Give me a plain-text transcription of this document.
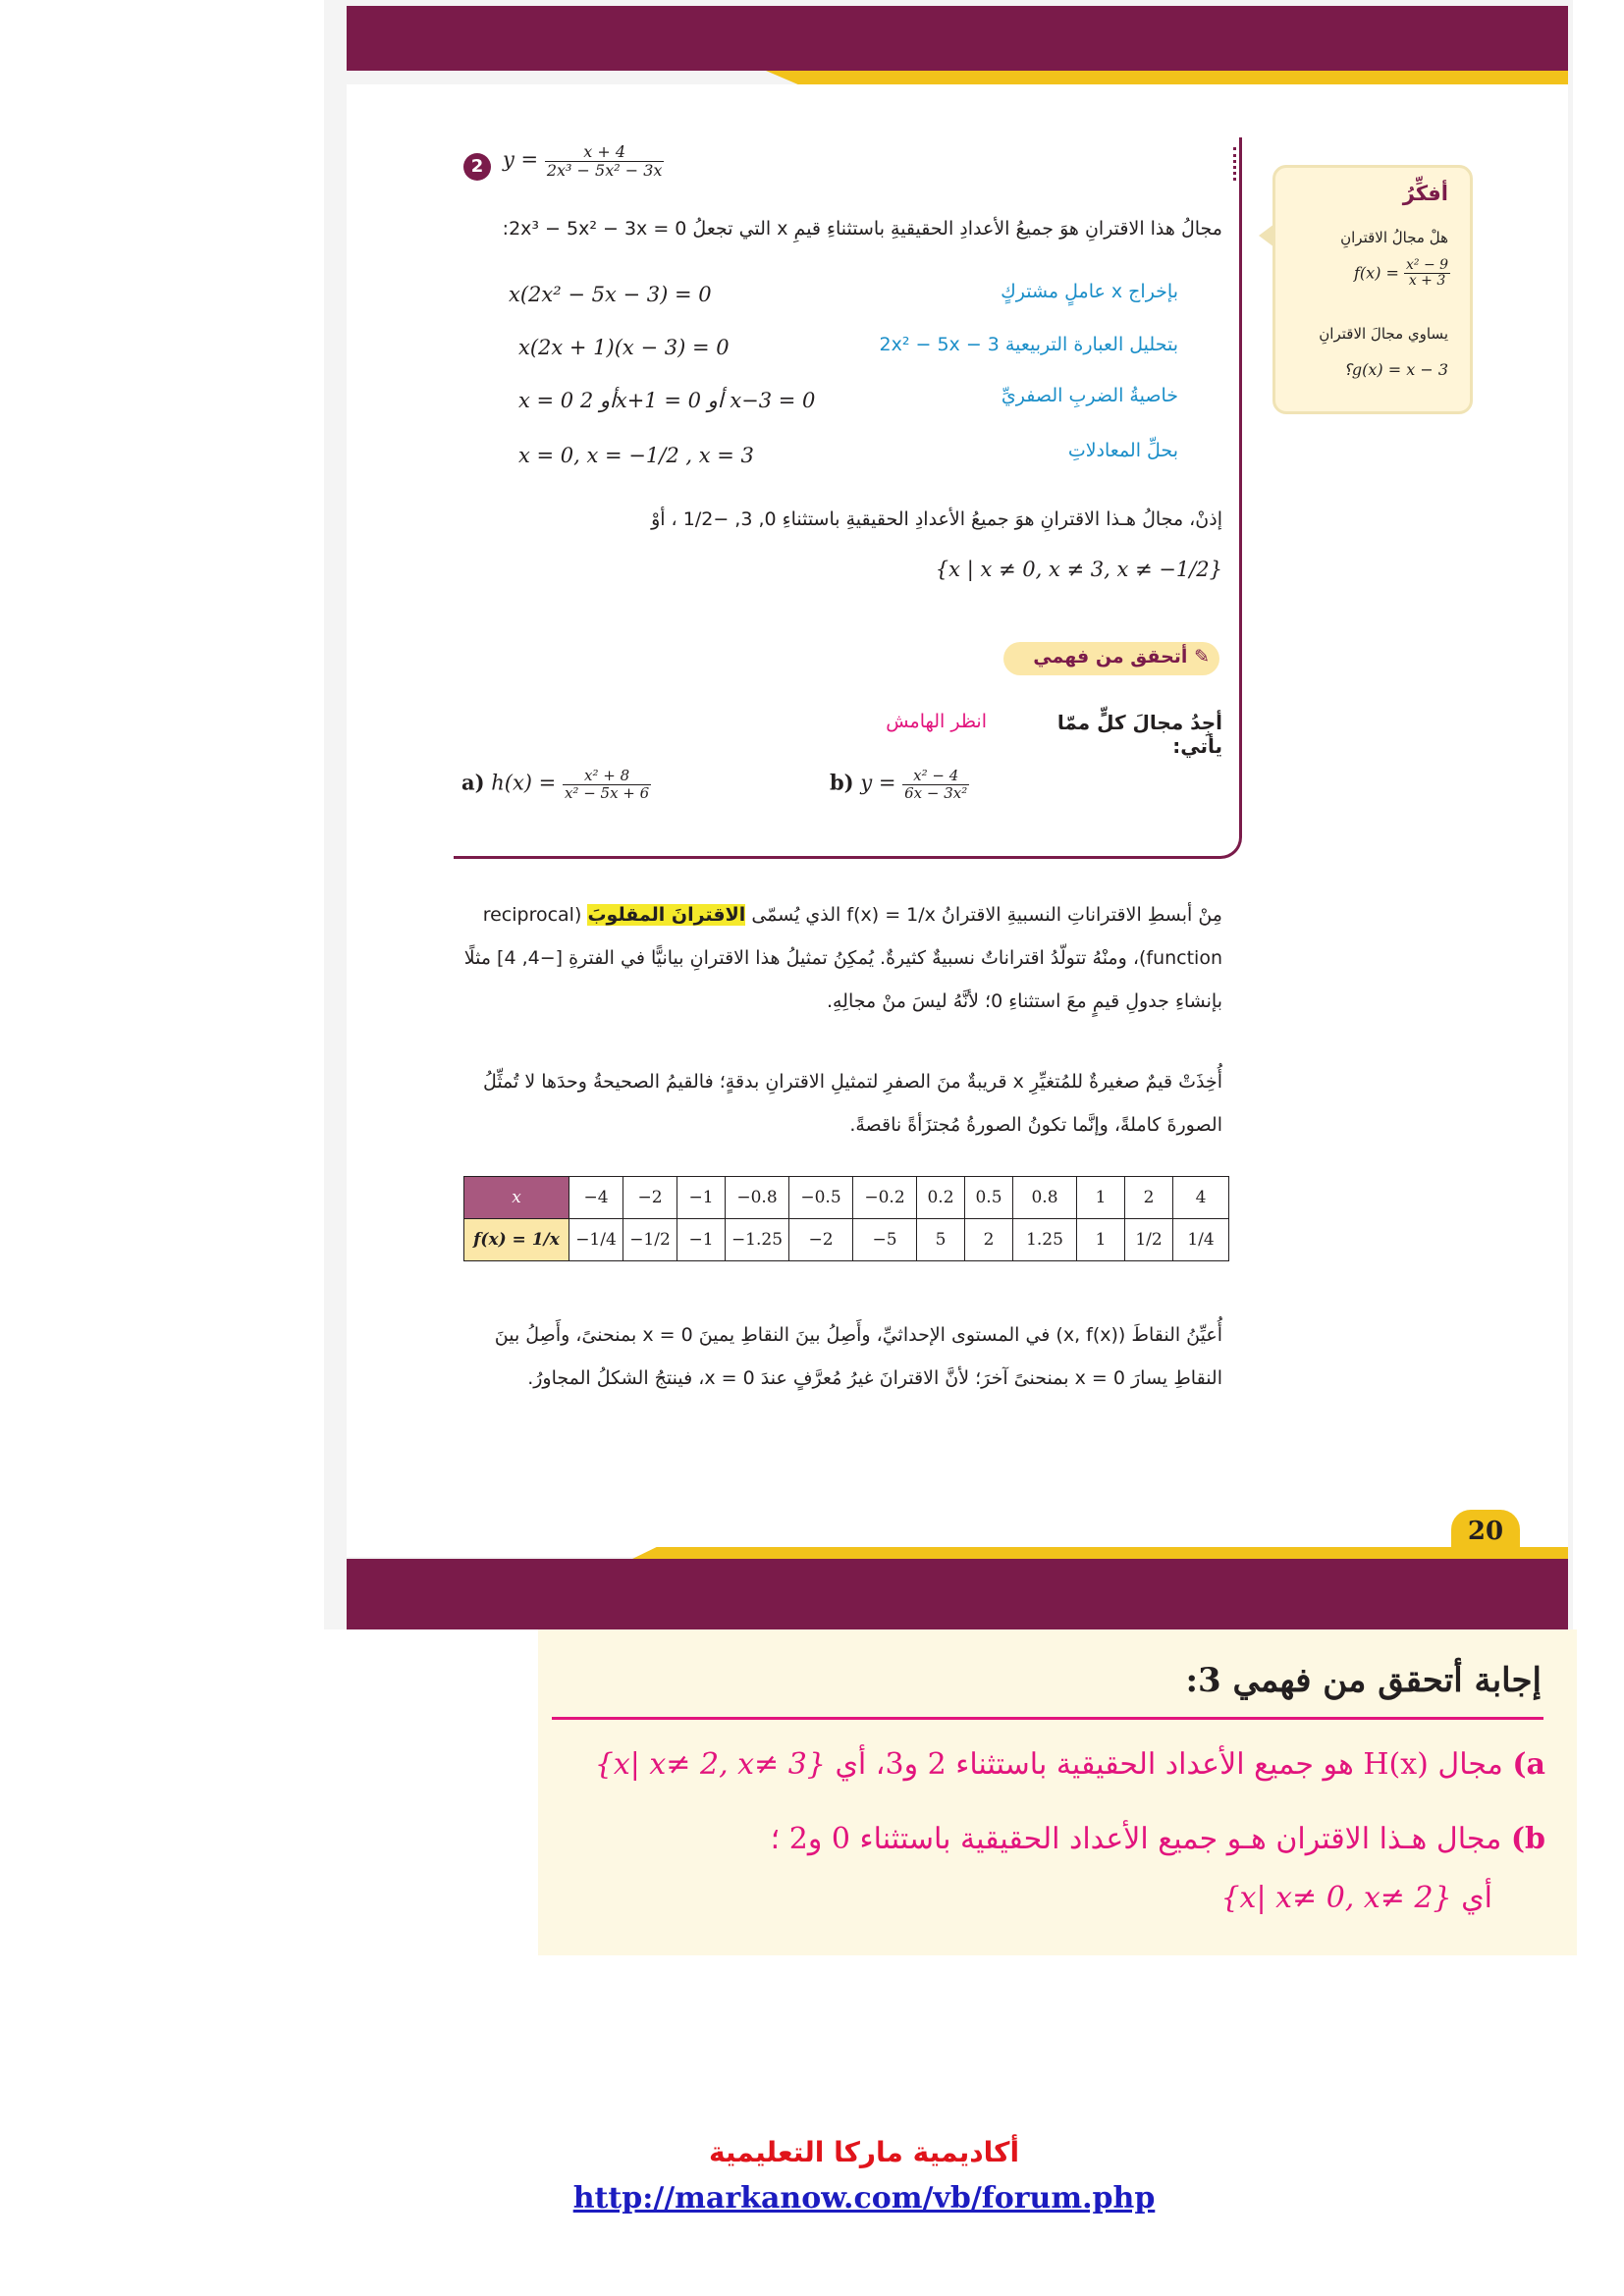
2 $y = \frac{x + 4}{\text{2x³ − 5x² − 3x}}$
مجالُ هذا الاقترانِ هوَ جميعُ الأعدادِ الحقيقيةِ باستثناءِ قيمِ x التي تجعلُ 0 = 2x³ − 5x² − 3x:
x(2x² − 5x − 3) = 0	بإخراج x عاملٍ مشتركٍ
x(2x + 1)(x − 3) = 0	بتحليل العبارة التربيعية 2x² − 5x − 3
x = 0 أو 2x+1 = 0 أو x−3 = 0	خاصيةُ الضربِ الصفريِّ
x = 0, x = −1/2 , x = 3	بحلِّ المعادلاتِ
إذنْ، مجالُ هـذا الاقترانِ هوَ جميعُ الأعدادِ الحقيقيةِ باستثناءِ 0, 3, −1/2 ، أوْ
{x | x ≠ 0, x ≠ 3, x ≠ −1/2}
✎ أتحقق من فهمي
أجِدُ مجالَ كلٍّ ممّا يأتي:
انظر الهامش
a) $h(x) = \frac{\text{x² + 8}}{\text{x² − 5x + 6}}$	b) $y = \frac{\text{x² − 4}}{\text{6x − 3x²}}$
أفكِّرُ
هلْ مجالُ الاقترانِ
$f(x) = \frac{\text{x² − 9}}{x + 3}$
يساوي مجالَ الاقترانِ
g(x) = x − 3؟
مِنْ أبسطِ الاقتراناتِ النسبيةِ الاقترانُ f(x) = 1/x الذي يُسمّى الاقترانَ المقلوبَ (reciprocal function)، ومنْهُ تتولّدُ اقتراناتٌ نسبيةٌ كثيرةٌ. يُمكِنُ تمثيلُ هذا الاقترانِ بيانيًّا في الفترةِ [−4, 4] مثلًا بإنشاءِ جدولِ قيمٍ معَ استثناءِ 0؛ لأنَّهُ ليسَ منْ مجالِهِ.
أُخِذَتْ قيمٌ صغيرةٌ للمُتغيِّرِ x قريبةٌ منَ الصفرِ لتمثيلِ الاقترانِ بدقةٍ؛ فالقيمُ الصحيحةُ وحدَها لا تُمثِّلُ الصورةَ كاملةً، وإنَّما تكونُ الصورةُ مُجتزَأةً ناقصةً.
x	−4	−2	−1	−0.8	−0.5	−0.2	0.2	0.5	0.8	1	2	4
f(x) = 1/x	−1/4	−1/2	−1	−1.25	−2	−5	5	2	1.25	1	1/2	1/4
أُعيِّنُ النقاطَ (x, f(x)) في المستوى الإحداثيِّ، وأَصِلُ بينَ النقاطِ يمينَ x = 0 بمنحنىً، وأَصِلُ بينَ النقاطِ يسارَ x = 0 بمنحنىً آخرَ؛ لأنَّ الاقترانَ غيرُ مُعرَّفٍ عندَ x = 0، فينتجُ الشكلُ المجاورُ.
20
إجابة أتحقق من فهمي 3:
a) مجال H(x) هو جميع الأعداد الحقيقية باستثناء 2 و3، أي {x| x≠ 2, x≠ 3}
b) مجال هـذا الاقتران هـو جميع الأعداد الحقيقية باستثناء 0 و2 ؛
أي {x| x≠ 0, x≠ 2}
أكاديمية ماركا التعليمية
http://markanow.com/vb/forum.php
